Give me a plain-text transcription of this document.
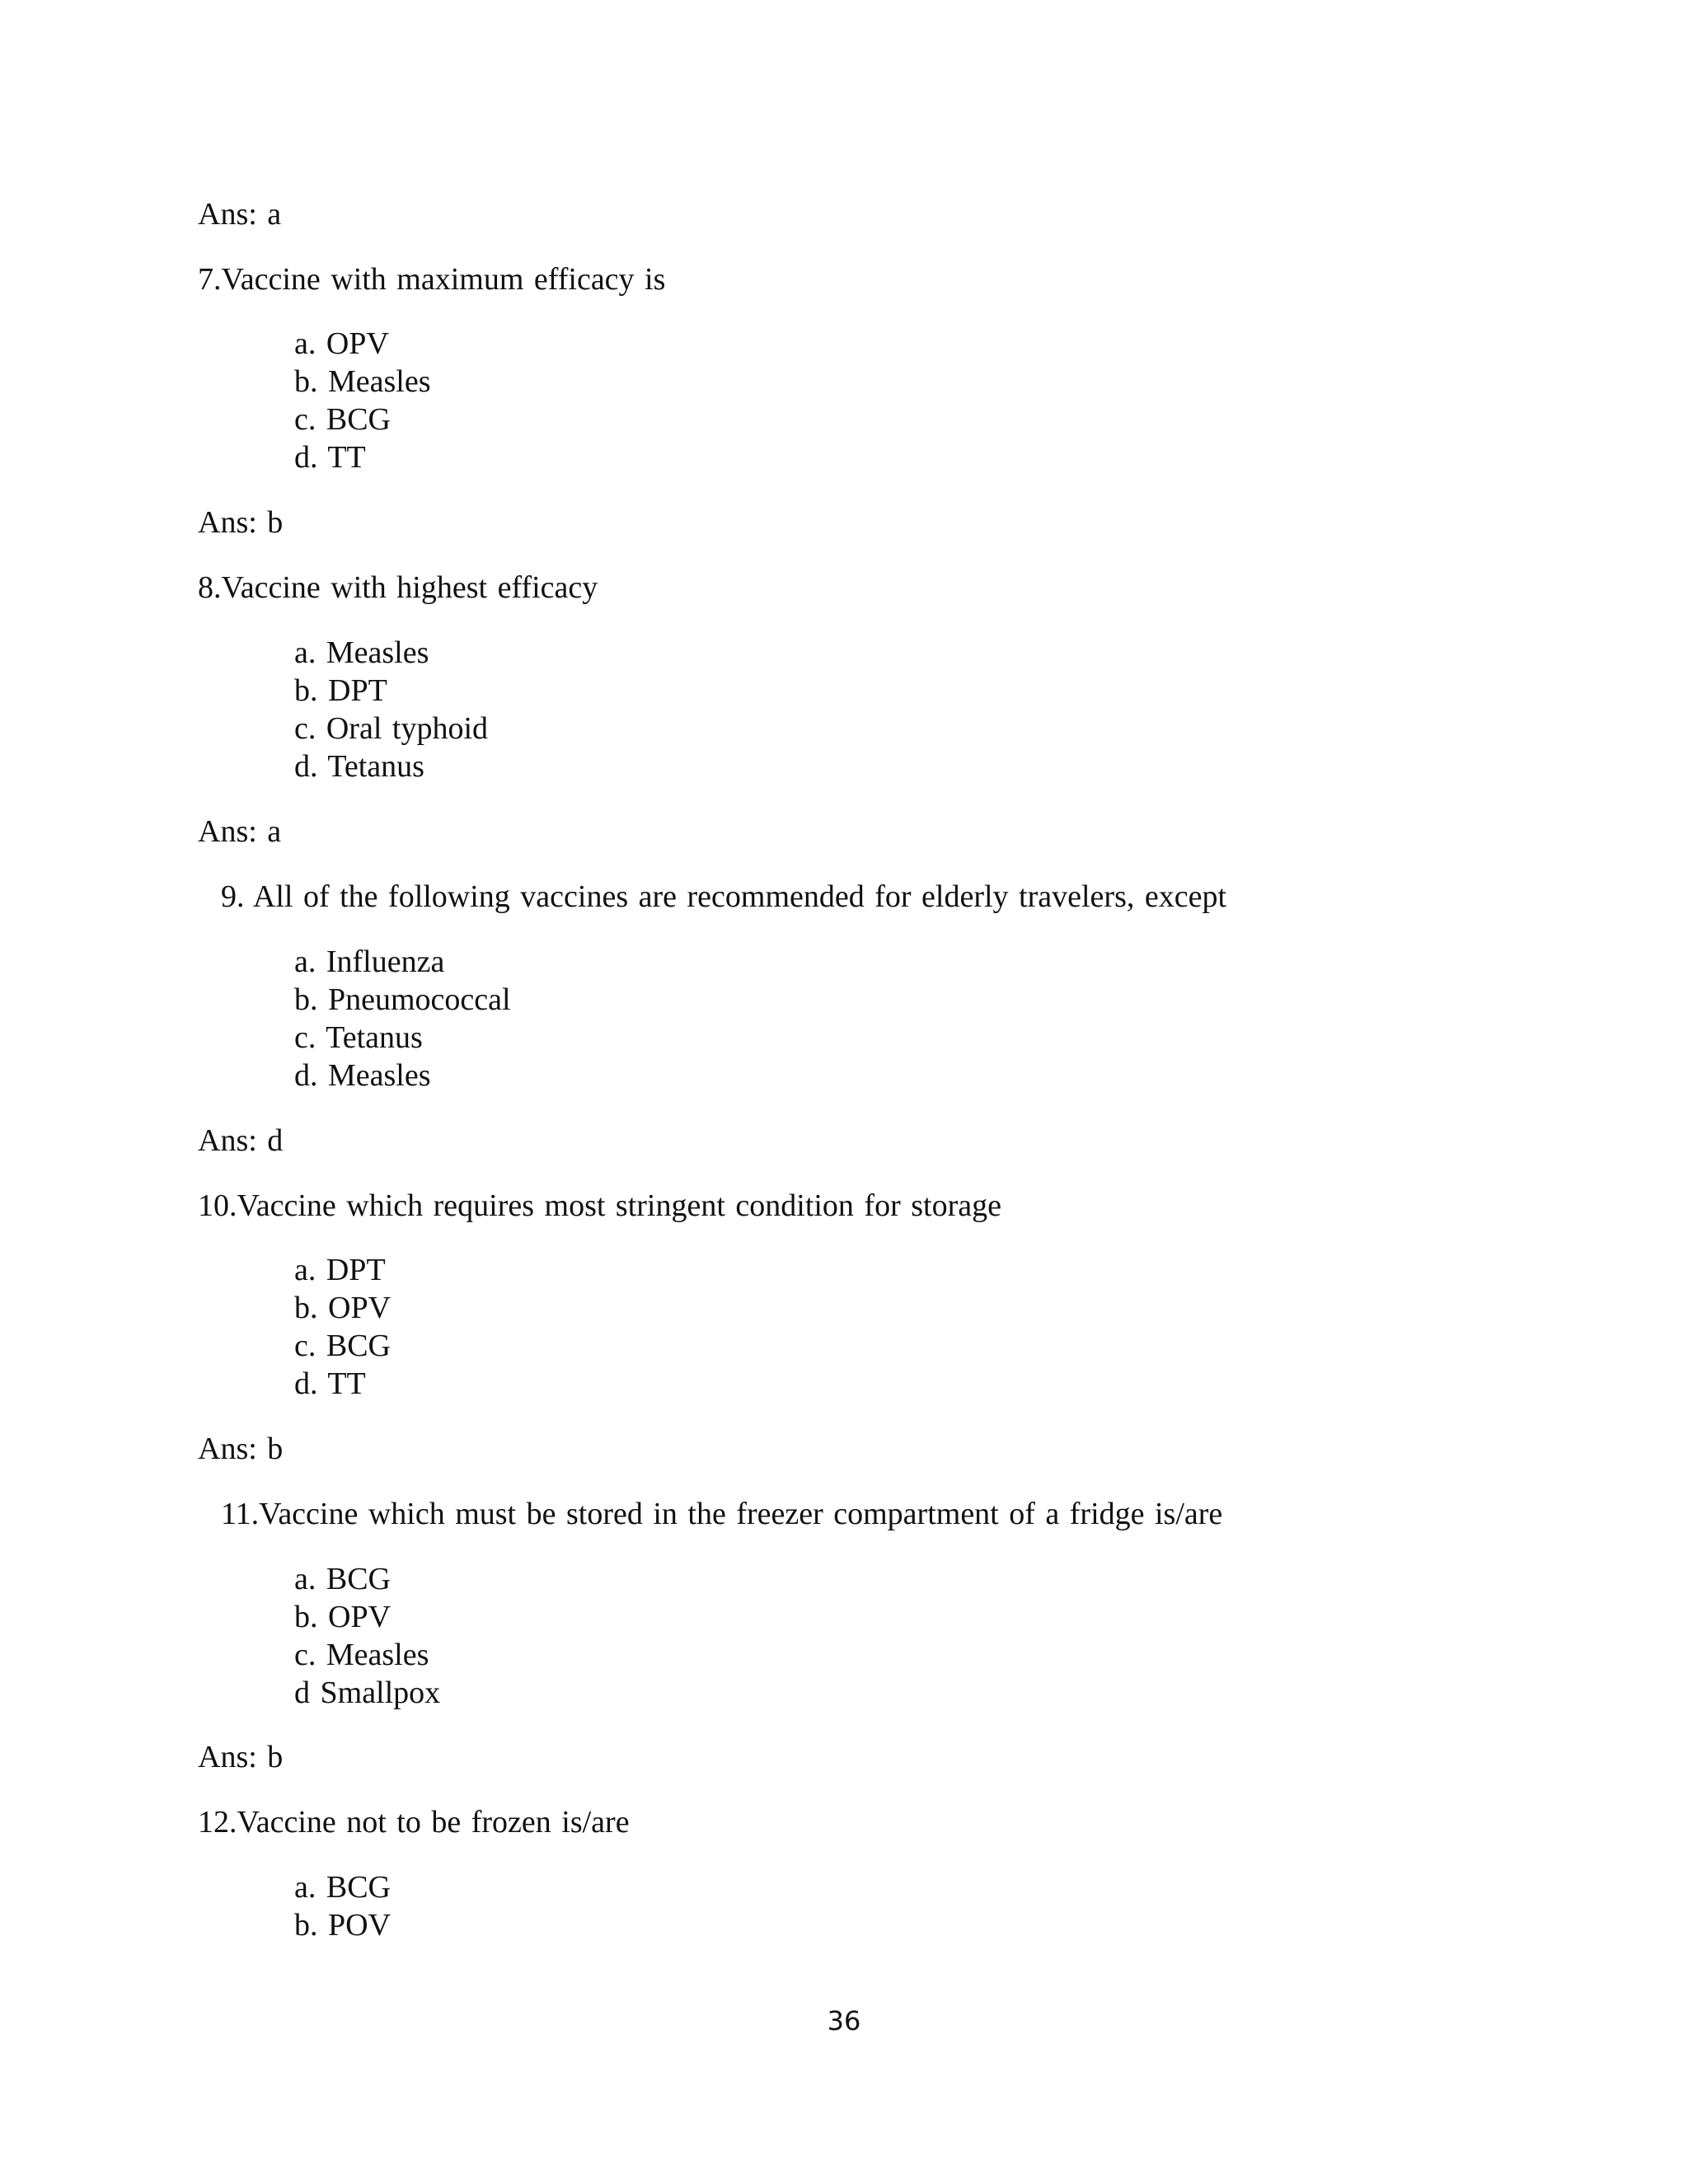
Ans: a
7.Vaccine with maximum efficacy is
a. OPV
b. Measles
c. BCG
d. TT
Ans: b
8.Vaccine with highest efficacy
a. Measles
b. DPT
c. Oral typhoid
d. Tetanus
Ans: a
9. All of the following vaccines are recommended for elderly travelers, except
a. Influenza
b. Pneumococcal
c. Tetanus
d. Measles
Ans: d
10.Vaccine which requires most stringent condition for storage
a. DPT
b. OPV
c. BCG
d. TT
Ans: b
11.Vaccine which must be stored in the freezer compartment of a fridge is/are
a. BCG
b. OPV
c. Measles
d Smallpox
Ans: b
12.Vaccine not to be frozen is/are
a. BCG
b. POV
36
